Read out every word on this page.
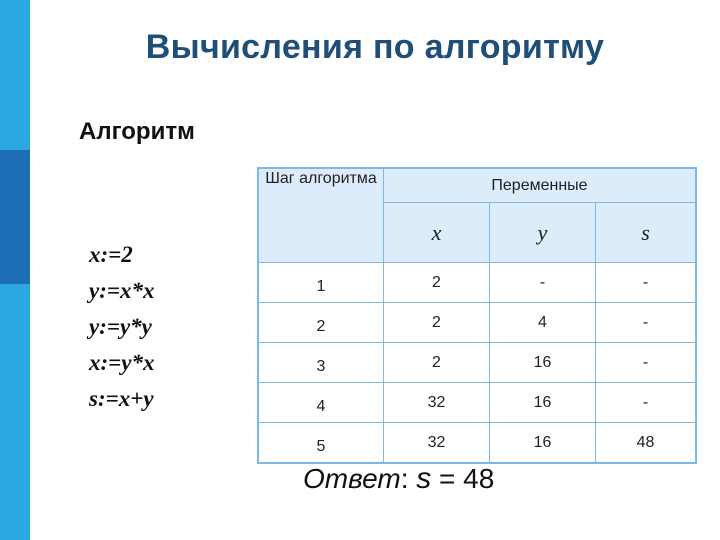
Вычисления по алгоритму
Алгоритм
x:=2
y:=x*x
y:=y*y
x:=y*x
s:=x+y
Шаг алгоритма	Переменные		
	x	y	s
1	2	-	-
2	2	4	-
3	2	16	-
4	32	16	-
5	32	16	48
Ответ: s = 48
